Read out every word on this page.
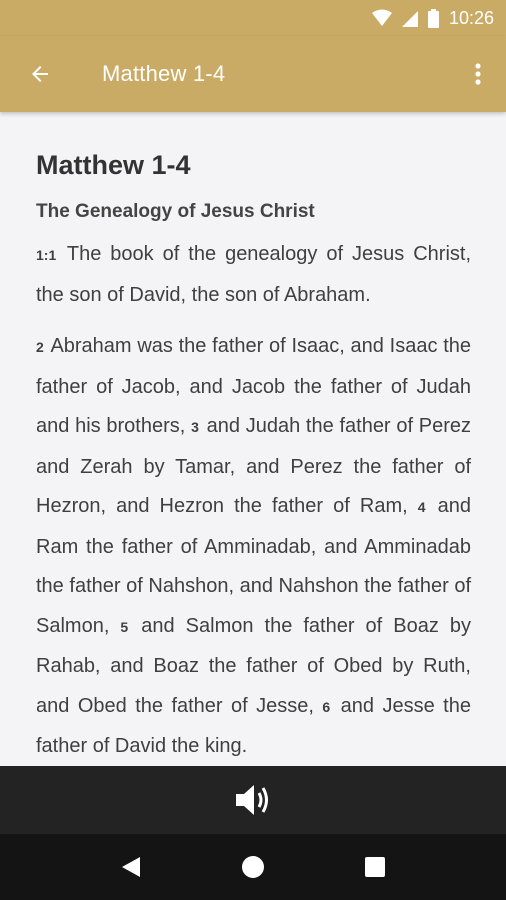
10:26
Matthew 1-4
Matthew 1-4
The Genealogy of Jesus Christ

1:1 The book of the genealogy of Jesus Christ, the son of David, the son of Abraham.

2 Abraham was the father of Isaac, and Isaac the father of Jacob, and Jacob the father of Judah and his brothers, 3 and Judah the father of Perez and Zerah by Tamar, and Perez the father of Hezron, and Hezron the father of Ram, 4 and Ram the father of Amminadab, and Amminadab the father of Nahshon, and Nahshon the father of Salmon, 5 and Salmon the father of Boaz by Rahab, and Boaz the father of Obed by Ruth, and Obed the father of Jesse, 6 and Jesse the father of David the king.
